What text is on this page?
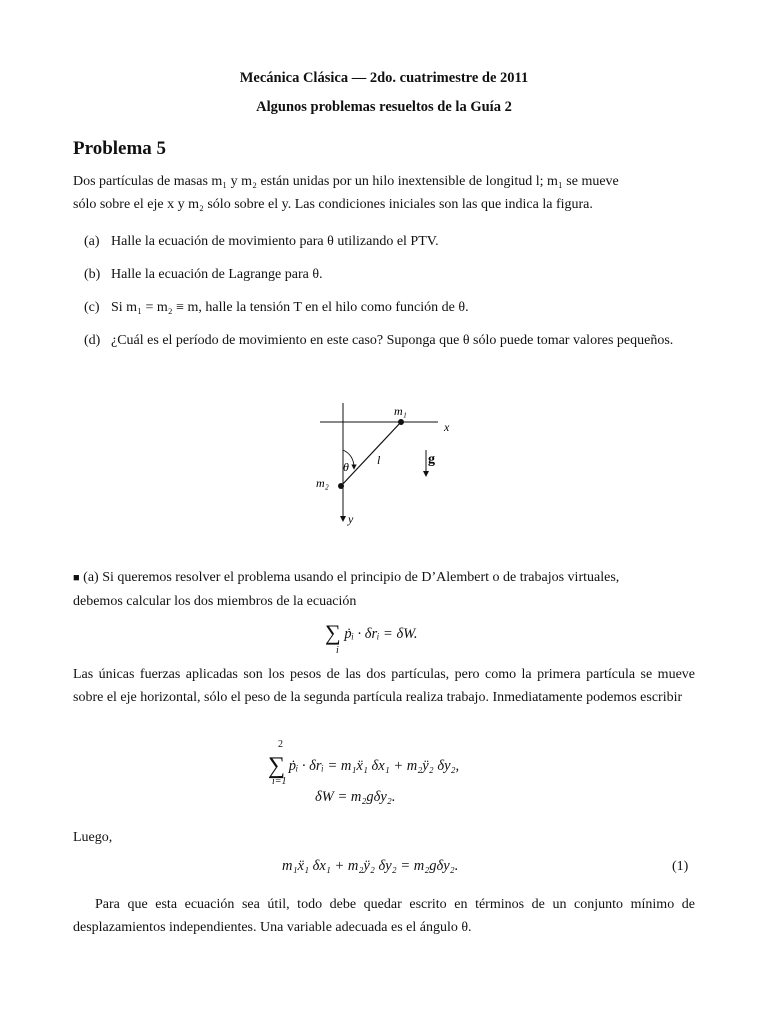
Mecánica Clásica — 2do. cuatrimestre de 2011
Algunos problemas resueltos de la Guía 2
Problema 5
Dos partículas de masas m₁ y m₂ están unidas por un hilo inextensible de longitud l; m₁ se mueve
sólo sobre el eje x y m₂ sólo sobre el y. Las condiciones iniciales son las que indica la figura.
(a) Halle la ecuación de movimiento para θ utilizando el PTV.
(b) Halle la ecuación de Lagrange para θ.
(c) Si m₁ = m₂ ≡ m, halle la tensión T en el hilo como función de θ.
(d) ¿Cuál es el período de movimiento en este caso? Suponga que θ sólo puede tomar valores pequeños.
m₁
m₂
x
y
l
θ	g
■ (a) Si queremos resolver el problema usando el principio de D’Alembert o de trabajos virtuales,
debemos calcular los dos miembros de la ecuación
∑ ṗᵢ · δrᵢ = δW.
i
Las únicas fuerzas aplicadas son los pesos de las dos partículas, pero como la primera partícula se mueve sobre el eje horizontal, sólo el peso de la segunda partícula realiza trabajo. Inmediatamente podemos escribir
2
∑ ṗᵢ · δrᵢ = m₁ẍ₁ δx₁ + m₂ÿ₂ δy₂,
i=1
δW = m₂gδy₂.
Luego,
m₁ẍ₁ δx₁ + m₂ÿ₂ δy₂ = m₂gδy₂.	(1)
Para que esta ecuación sea útil, todo debe quedar escrito en términos de un conjunto mínimo de desplazamientos independientes. Una variable adecuada es el ángulo θ.
